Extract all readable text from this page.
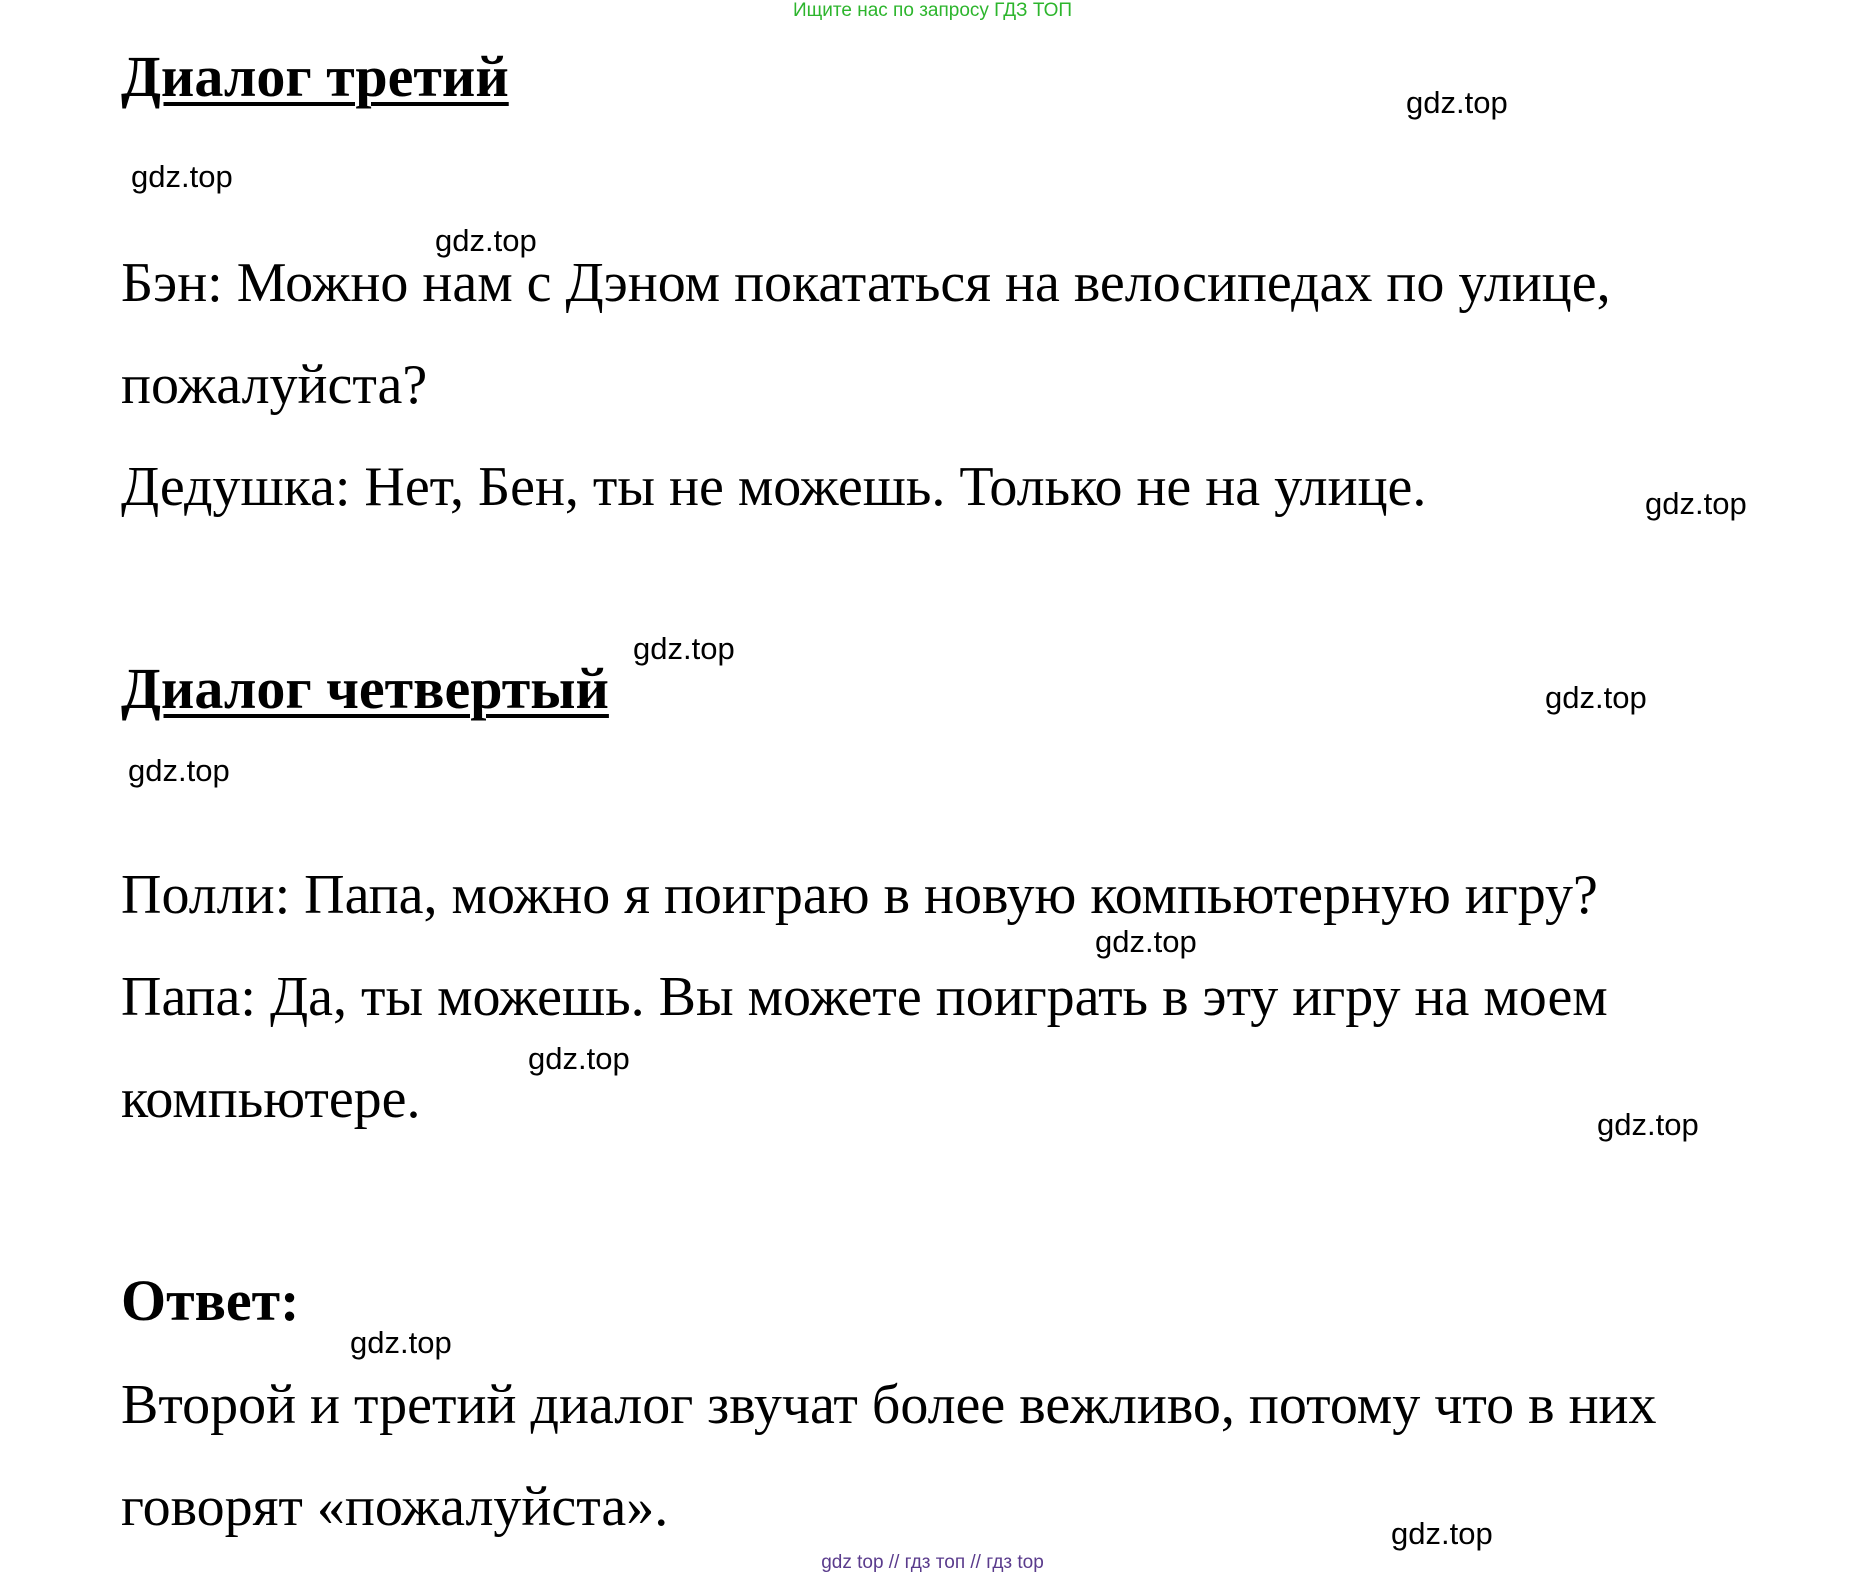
Ищите нас по запросу ГДЗ ТОП
Диалог третий

Бэн: Можно нам с Дэном покататься на велосипедах по улице,

пожалуйста?

Дедушка: Нет, Бен, ты не можешь. Только не на улице.

Диалог четвертый

Полли: Папа, можно я поиграю в новую компьютерную игру?

Папа: Да, ты можешь. Вы можете поиграть в эту игру на моем

компьютере.

Ответ:

Второй и третий диалог звучат более вежливо, потому что в них

говорят «пожалуйста».

gdz.top
gdz.top
gdz.top
gdz.top
gdz.top
gdz.top
gdz.top
gdz.top
gdz.top
gdz.top
gdz.top
gdz.top
gdz top // гдз топ // гдз top
